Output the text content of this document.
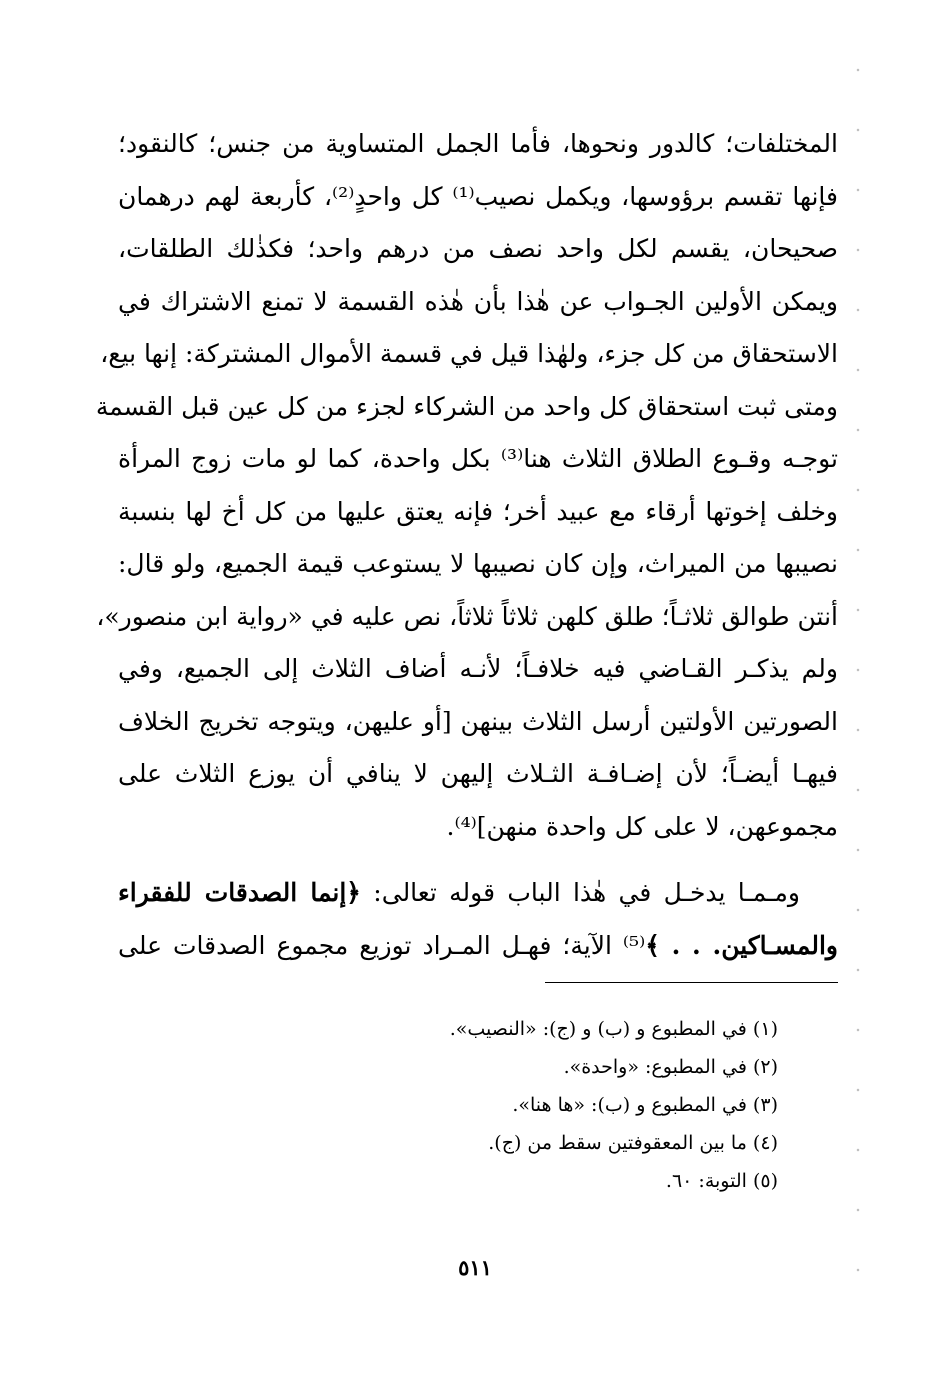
المختلفات؛ كالدور ونحوها، فأما الجمل المتساوية من جنس؛ كالنقود؛
فإنها تقسم برؤوسها، ويكمل نصيب⁽¹⁾ كل واحدٍ⁽²⁾، كأربعة لهم درهمان
صحيحان، يقسم لكل واحد نصف من درهم واحد؛ فكذٰلك الطلقات،
ويمكن الأولين الجـواب عن هٰذا بأن هٰذه القسمة لا تمنع الاشتراك في
الاستحقاق من كل جزء، ولهٰذا قيل في قسمة الأموال المشتركة: إنها بيع،
ومتى ثبت استحقاق كل واحد من الشركاء لجزء من كل عين قبل القسمة
توجـه وقـوع الطلاق الثلاث هنا⁽³⁾ بكل واحدة، كما لو مات زوج المرأة
وخلف إخوتها أرقاء مع عبيد أخر؛ فإنه يعتق عليها من كل أخ لها بنسبة
نصيبها من الميراث، وإن كان نصيبها لا يستوعب قيمة الجميع، ولو قال:
أنتن طوالق ثلاثـاً؛ طلق كلهن ثلاثاً ثلاثاً، نص عليه في «رواية ابن منصور»،
ولم يذكـر القـاضي فيه خلافـاً؛ لأنـه أضاف الثلاث إلى الجميع، وفي
الصورتين الأولتين أرسل الثلاث بينهن [أو عليهن، ويتوجه تخريج الخلاف
فيهـا أيضـاً؛ لأن إضـافـة الثـلاث إليهن لا ينافي أن يوزع الثلاث على
مجموعهن، لا على كل واحدة منهن]⁽⁴⁾.
ومـمـا يدخـل في هٰذا الباب قوله تعالى: ﴿إنما الصدقات للفقراء
والمسـاكين. . . ﴾⁽⁵⁾ الآية؛ فهـل المـراد توزيع مجموع الصدقات على
(١) في المطبوع و (ب) و (ج): «النصيب».
(٢) في المطبوع: «واحدة».
(٣) في المطبوع و (ب): «ها هنا».
(٤) ما بين المعقوفتين سقط من (ج).
(٥) التوبة: ٦٠.
٥١١
